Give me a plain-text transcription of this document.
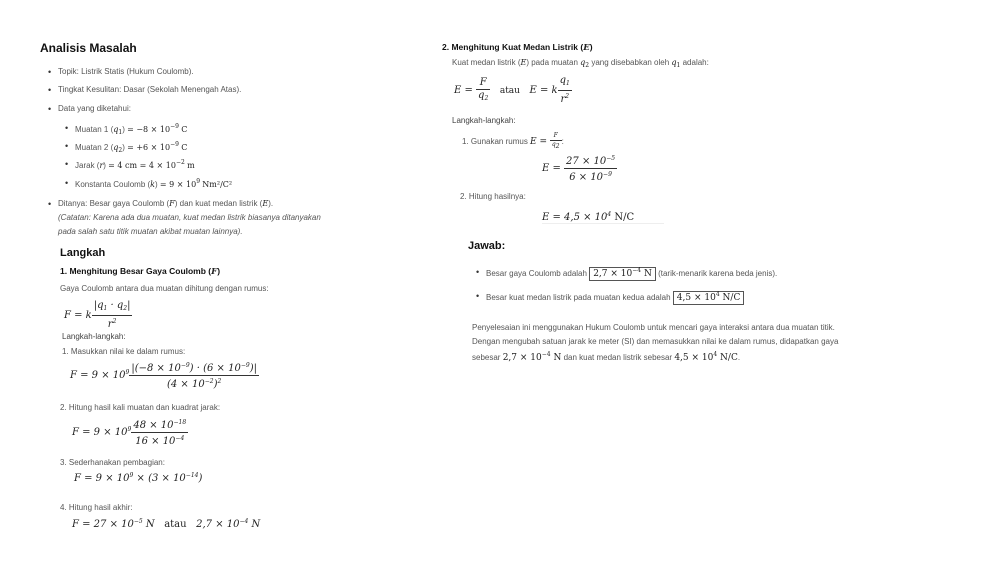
Analisis Masalah
• Topik: Listrik Statis (Hukum Coulomb).
• Tingkat Kesulitan: Dasar (Sekolah Menengah Atas).
• Data yang diketahui:
• Muatan 1 $(q_1) = -8 \times 10^{-9}$ C
• Muatan 2 $(q_2) = +6 \times 10^{-9}$ C
• Jarak (r) = 4 cm = $4 \times 10^{-2}$ m
• Konstanta Coulomb $(k) = 9 \times 10^9$ Nm²/C²
• Ditanya: Besar gaya Coulomb (F) dan kuat medan listrik (E).
(Catatan: Karena ada dua muatan, kuat medan listrik biasanya ditanyakan
pada salah satu titik muatan akibat muatan lainnya).
Langkah
1. Menghitung Besar Gaya Coulomb (F)
Gaya Coulomb antara dua muatan dihitung dengan rumus:
F = k $\frac{|q_1 \cdot q_2|}{r^2}$
Langkah-langkah:
1. Masukkan nilai ke dalam rumus:
$F = 9 \times 10^9 \frac{|(-8 \times 10^{-9}) \cdot (6 \times 10^{-9})|}{(4 \times 10^{-2})^2}$
2. Hitung hasil kali muatan dan kuadrat jarak:
$F = 9 \times 10^9 \frac{48 \times 10^{-18}}{16 \times 10^{-4}}$
3. Sederhanakan pembagian:
$F = 9 \times 10^9 \times (3 \times 10^{-14})$
4. Hitung hasil akhir:
$F = 27 \times 10^{-5}$ N   atau   $2,7 \times 10^{-4}$ N
2. Menghitung Kuat Medan Listrik (E)
Kuat medan listrik (E) pada muatan $q_2$ yang disebabkan oleh $q_1$ adalah:
$E = \frac{F}{q_2}$ atau   E = k $\frac{q_1}{r^2}$
Langkah-langkah:
1. Gunakan rumus $E = \frac{F}{q2}$ :
$E = \frac{27 \times 10^{-5}}{6 \times 10^{-9}}$
2. Hitung hasilnya:
$E = 4,5 \times 10^4$ N/C
Jawab:
• Besar gaya Coulomb adalah $2,7 \times 10^{-4}$ N (tarik-menarik karena beda jenis).
• Besar kuat medan listrik pada muatan kedua adalah $4,5 \times 10^4$ N/C
Penyelesaian ini menggunakan Hukum Coulomb untuk mencari gaya interaksi antara dua muatan titik.
Dengan mengubah satuan jarak ke meter (SI) dan memasukkan nilai ke dalam rumus, didapatkan gaya
sebesar $2,7 \times 10^{-4}$ N dan kuat medan listrik sebesar $4,5 \times 10^4$ N/C.
